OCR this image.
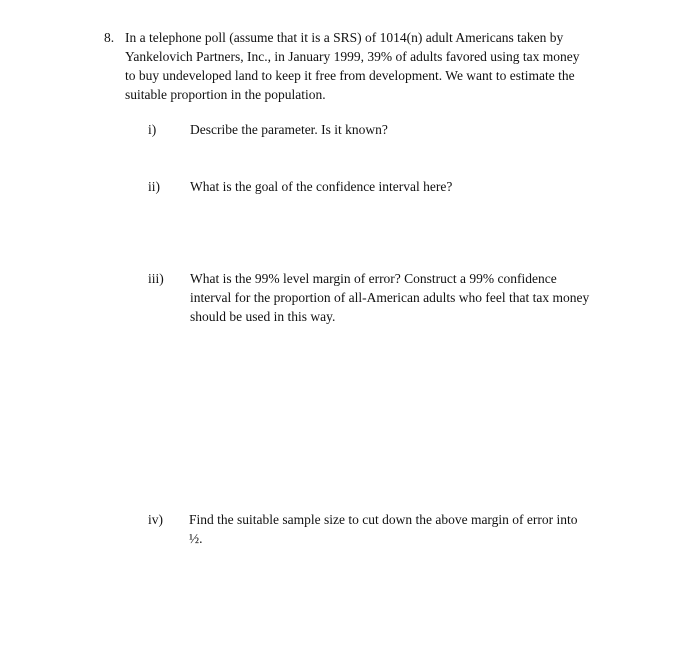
8. In a telephone poll (assume that it is a SRS) of 1014(n) adult Americans taken by
Yankelovich Partners, Inc., in January 1999, 39% of adults favored using tax money
to buy undeveloped land to keep it free from development. We want to estimate the
suitable proportion in the population.
i)	Describe the parameter. Is it known?
ii) What is the goal of the confidence interval here?
iii) What is the 99% level margin of error? Construct a 99% confidence
interval for the proportion of all-American adults who feel that tax money
should be used in this way.
iv) Find the suitable sample size to cut down the above margin of error into
½.
